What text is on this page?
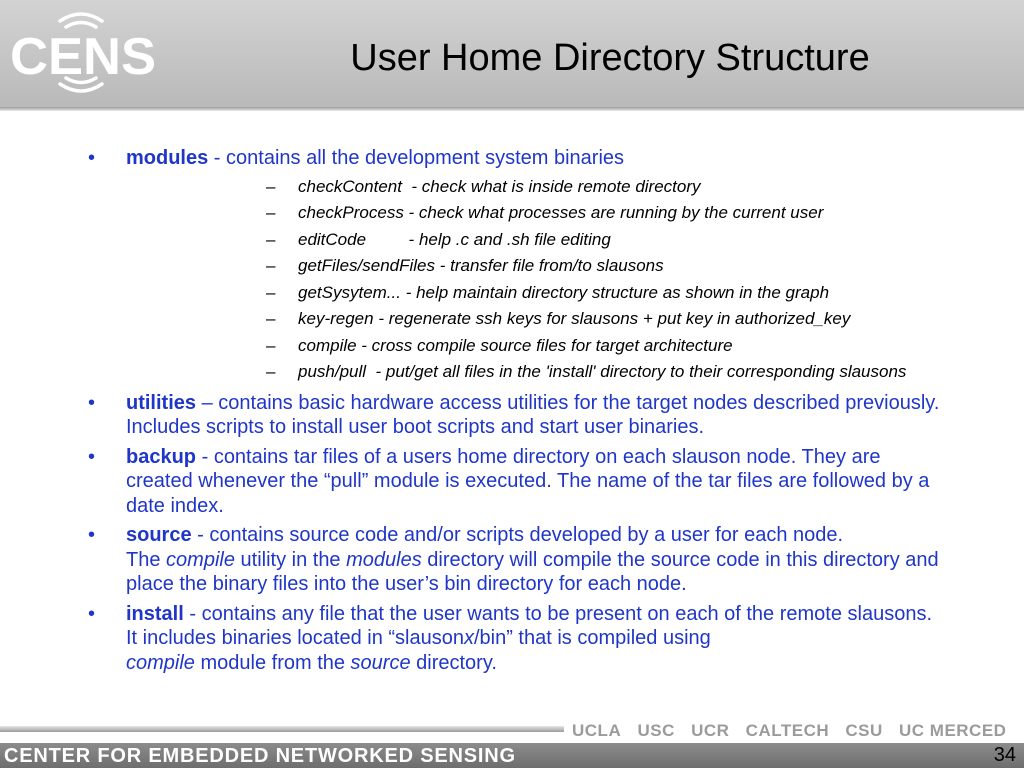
CENS	User Home Directory Structure
• modules - contains all the development system binaries
– checkContent  - check what is inside remote directory
– checkProcess - check what processes are running by the current user
– editCode         - help .c and .sh file editing
– getFiles/sendFiles - transfer file from/to slausons
– getSysytem... - help maintain directory structure as shown in the graph
– key-regen - regenerate ssh keys for slausons + put key in authorized_key
– compile - cross compile source files for target architecture
– push/pull  - put/get all files in the 'install' directory to their corresponding slausons
• utilities – contains basic hardware access utilities for the target nodes described previously. Includes scripts to install user boot scripts and start user binaries.
• backup - contains tar files of a users home directory on each slauson node. They are created whenever the “pull” module is executed. The name of the tar files are followed by a date index.
• source - contains source code and/or scripts developed by a user for each node.
The compile utility in the modules directory will compile the source code in this directory and place the binary files into the user’s bin directory for each node.
• install - contains any file that the user wants to be present on each of the remote slausons. It includes binaries located in “slausonx/bin” that is compiled using
compile module from the source directory.
UCLA USC UCR CALTECH CSU UC MERCED
CENTER FOR EMBEDDED NETWORKED SENSING	34
